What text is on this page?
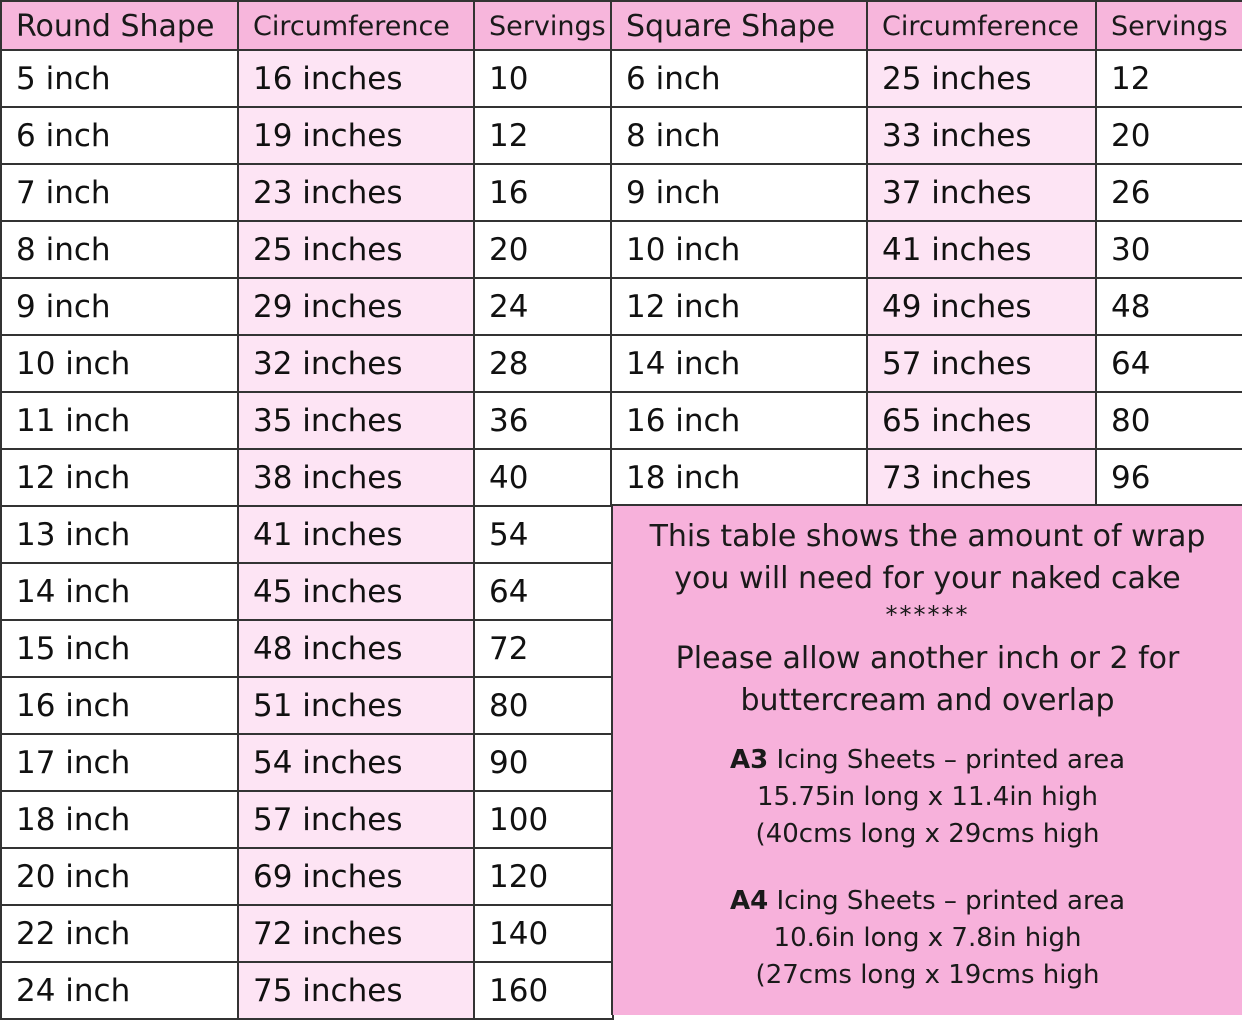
Round Shape	Circumference	Servings
5 inch	16 inches	10
6 inch	19 inches	12
7 inch	23 inches	16
8 inch	25 inches	20
9 inch	29 inches	24
10 inch	32 inches	28
11 inch	35 inches	36
12 inch	38 inches	40
13 inch	41 inches	54
14 inch	45 inches	64
15 inch	48 inches	72
16 inch	51 inches	80
17 inch	54 inches	90
18 inch	57 inches	100
20 inch	69 inches	120
22 inch	72 inches	140
24 inch	75 inches	160
Square Shape	Circumference	Servings
6 inch	25 inches	12
8 inch	33 inches	20
9 inch	37 inches	26
10 inch	41 inches	30
12 inch	49 inches	48
14 inch	57 inches	64
16 inch	65 inches	80
18 inch	73 inches	96

This table shows the amount of wrap

you will need for your naked cake

******

Please allow another inch or 2 for

buttercream and overlap

A3 Icing Sheets – printed area

15.75in long x 11.4in high

(40cms long x 29cms high

A4 Icing Sheets – printed area

10.6in long x 7.8in high

(27cms long x 19cms high
